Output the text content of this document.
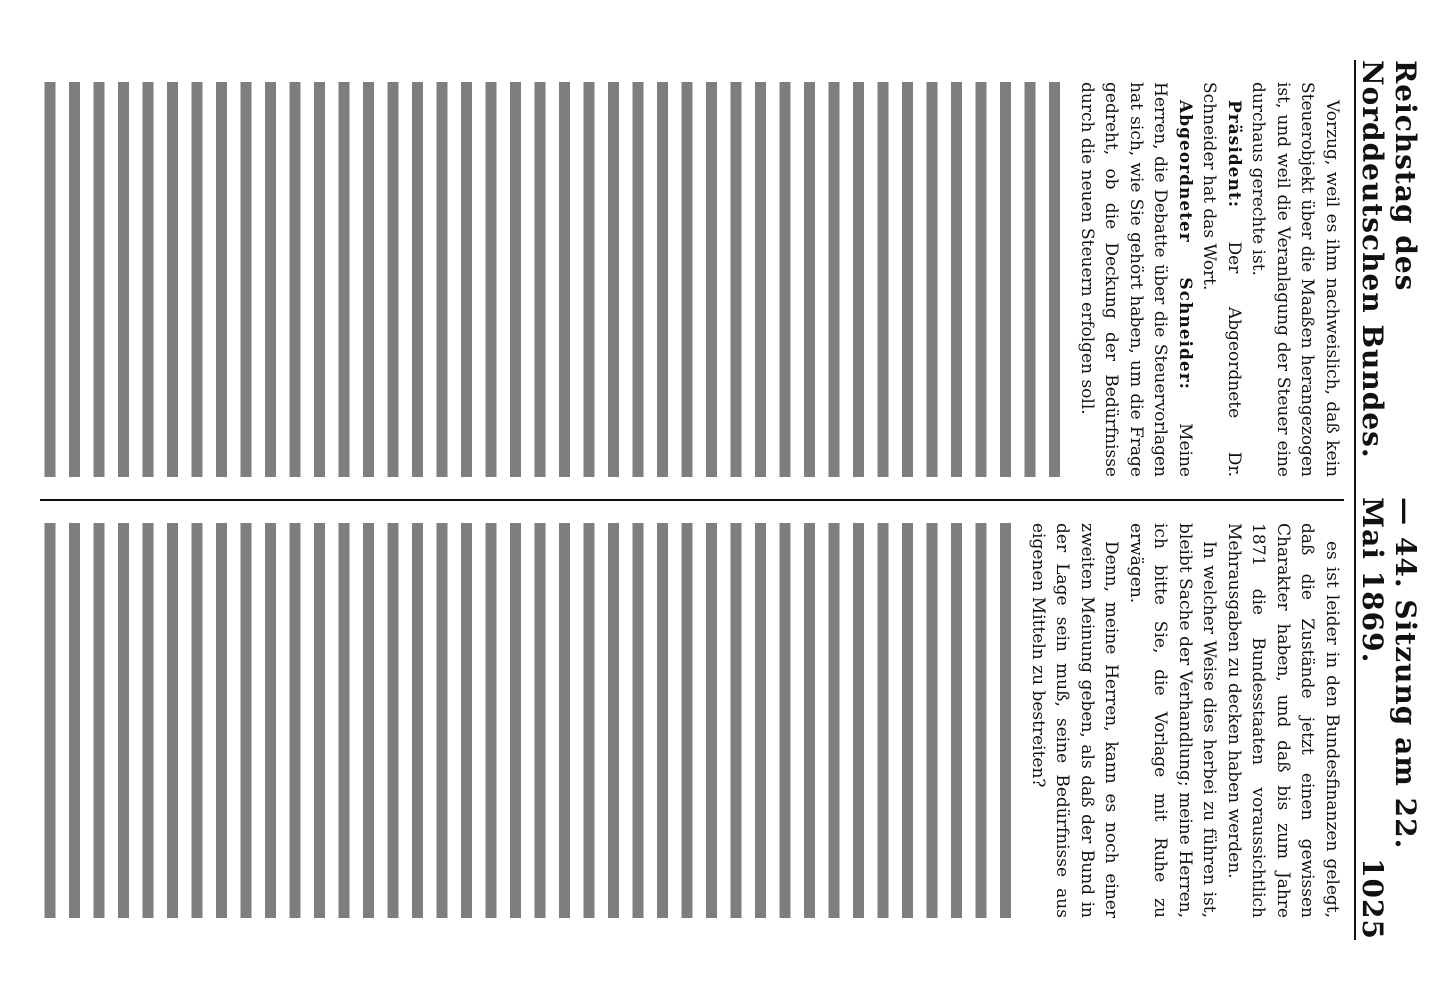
Reichstag des Norddeutschen Bundes.
— 44. Sitzung am 22. Mai 1869.
1025

Vorzug, weil es ihm nachweislich, daß kein Steuerobjekt über die Maaßen herangezogen ist, und weil die Veranlagung der Steuer eine durchaus gerechte ist.

Präsident: Der Abgeordnete Dr. Schneider hat das Wort.

Abgeordneter Schneider: Meine Herren, die Debatte über die Steuervorlagen hat sich, wie Sie gehört haben, um die Frage gedreht, ob die Deckung der Bedürfnisse durch die neuen Steuern erfolgen soll.

es ist leider in den Bundesfinanzen gelegt, daß die Zustände jetzt einen gewissen Charakter haben, und daß bis zum Jahre 1871 die Bundesstaaten voraussichtlich Mehrausgaben zu decken haben werden.

In welcher Weise dies herbei zu führen ist, bleibt Sache der Verhandlung; meine Herren, ich bitte Sie, die Vorlage mit Ruhe zu erwägen.

Denn, meine Herren, kann es noch einer zweiten Meinung geben, als daß der Bund in der Lage sein muß, seine Bedürfnisse aus eigenen Mitteln zu bestreiten?
